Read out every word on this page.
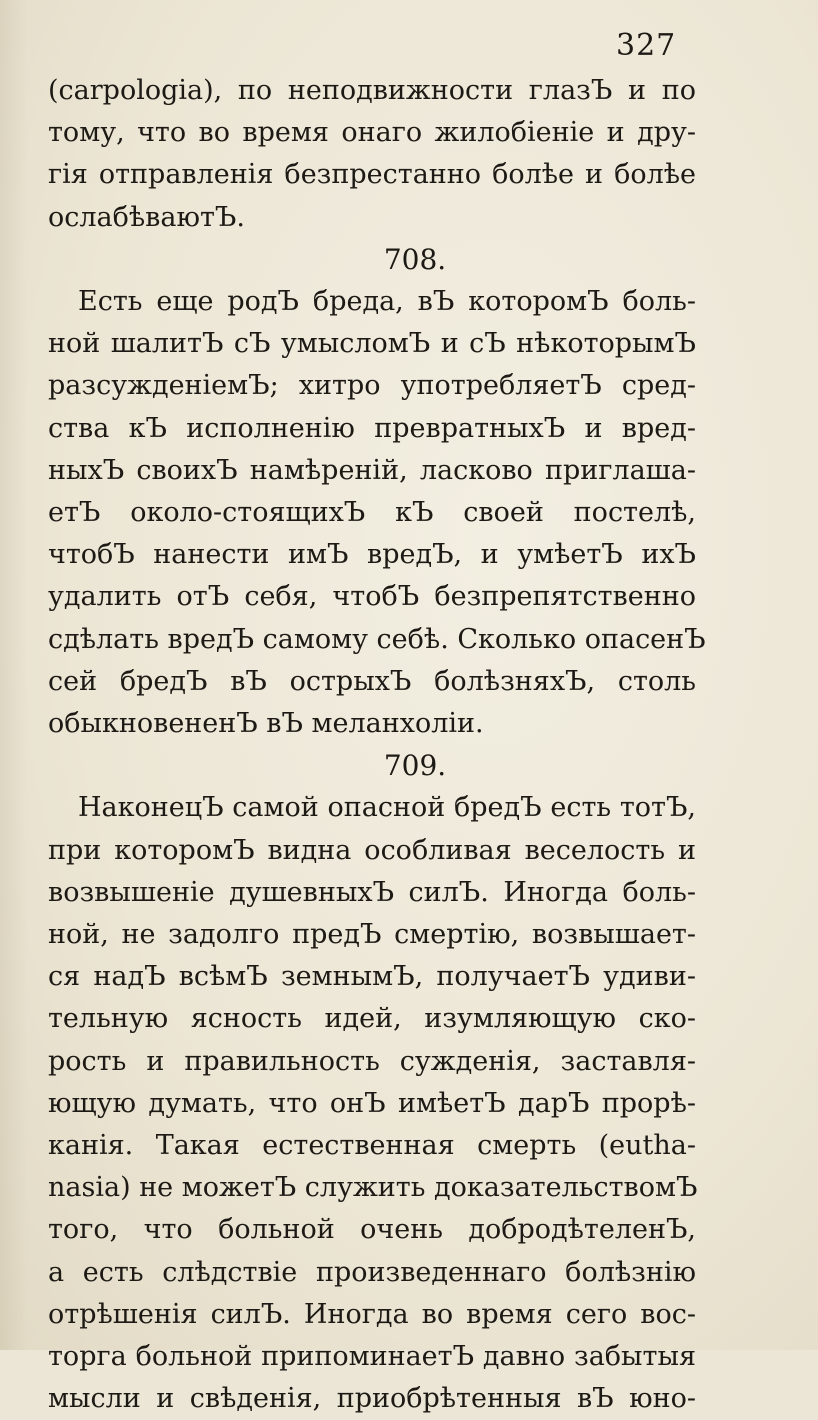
327
(carpologia), по неподвижности глазЪ и по
тому, что во время онаго жилобіеніе и дру-
гія отправленія безпрестанно болѣе и болѣе
ослабѣваютЪ.
708.
Есть еще родЪ бреда, вЪ которомЪ боль-
ной шалитЪ сЪ умысломЪ и сЪ нѣкоторымЪ
разсужденіемЪ; хитро употребляетЪ сред-
ства кЪ исполненію превратныхЪ и вред-
ныхЪ своихЪ намѣреній, ласково приглаша-
етЪ около-стоящихЪ кЪ своей постелѣ,
чтобЪ нанести имЪ вредЪ, и умѣетЪ ихЪ
удалить отЪ себя, чтобЪ безпрепятственно
сдѣлать вредЪ самому себѣ. Сколько опасенЪ
сей бредЪ вЪ острыхЪ болѣзняхЪ, столь
обыкновененЪ вЪ меланхоліи.
709.
НаконецЪ самой опасной бредЪ есть тотЪ,
при которомЪ видна особливая веселость и
возвышеніе душевныхЪ силЪ. Иногда боль-
ной, не задолго предЪ смертію, возвышает-
ся надЪ всѣмЪ земнымЪ, получаетЪ удиви-
тельную ясность идей, изумляющую ско-
рость и правильность сужденія, заставля-
ющую думать, что онЪ имѣетЪ дарЪ прорѣ-
канія. Такая естественная смерть (euthа-
nasia) не можетЪ служить доказательствомЪ
того, что больной очень добродѣтеленЪ,
а есть слѣдствіе произведеннаго болѣзнію
отрѣшенія силЪ. Иногда во время сего вос-
торга больной припоминаетЪ давно забытыя
мысли и свѣденія, приобрѣтенныя вЪ юно-
